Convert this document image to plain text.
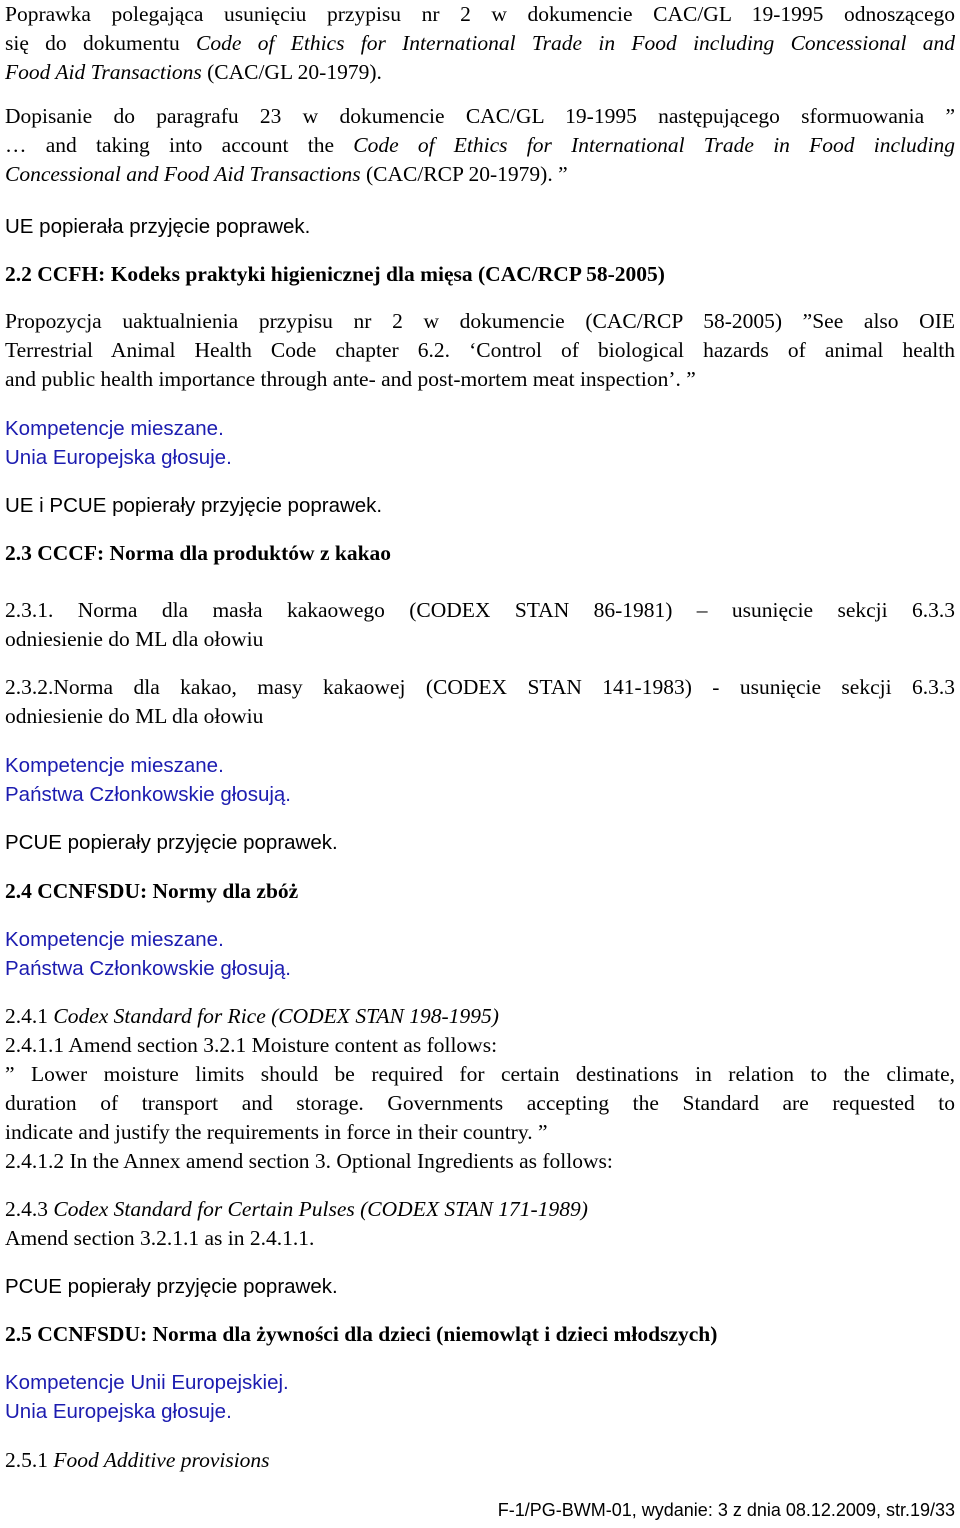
Poprawka polegająca usunięciu przypisu nr 2 w dokumencie CAC/GL 19-1995 odnoszącego
się do dokumentu Code of Ethics for International Trade in Food including Concessional and
Food Aid Transactions (CAC/GL 20-1979).

Dopisanie do paragrafu 23 w dokumencie CAC/GL 19-1995 następującego sformuowania ”
… and taking into account the Code of Ethics for International Trade in Food including
Concessional and Food Aid Transactions (CAC/RCP 20-1979). ”

UE popierała przyjęcie poprawek.

2.2 CCFH: Kodeks praktyki higienicznej dla mięsa (CAC/RCP 58-2005)

Propozycja uaktualnienia przypisu nr 2 w dokumencie (CAC/RCP 58-2005) ”See also OIE
Terrestrial Animal Health Code chapter 6.2. ‘Control of biological hazards of animal health
and public health importance through ante- and post-mortem meat inspection’. ”

Kompetencje mieszane.
Unia Europejska głosuje.

UE i PCUE popierały przyjęcie poprawek.

2.3 CCCF: Norma dla produktów z kakao

2.3.1. Norma dla masła kakaowego (CODEX STAN 86-1981) – usunięcie sekcji 6.3.3
odniesienie do ML dla ołowiu

2.3.2.Norma dla kakao, masy kakaowej (CODEX STAN 141-1983) - usunięcie sekcji 6.3.3
odniesienie do ML dla ołowiu

Kompetencje mieszane.
Państwa Członkowskie głosują.

PCUE popierały przyjęcie poprawek.

2.4 CCNFSDU: Normy dla zbóż

Kompetencje mieszane.
Państwa Członkowskie głosują.

2.4.1 Codex Standard for Rice (CODEX STAN 198-1995)
2.4.1.1 Amend section 3.2.1 Moisture content as follows:
” Lower moisture limits should be required for certain destinations in relation to the climate,
duration of transport and storage. Governments accepting the Standard are requested to
indicate and justify the requirements in force in their country. ”
2.4.1.2 In the Annex amend section 3. Optional Ingredients as follows:

2.4.3 Codex Standard for Certain Pulses (CODEX STAN 171-1989)
Amend section 3.2.1.1 as in 2.4.1.1.

PCUE popierały przyjęcie poprawek.

2.5 CCNFSDU: Norma dla żywności dla dzieci (niemowląt i dzieci młodszych)

Kompetencje Unii Europejskiej.
Unia Europejska głosuje.

2.5.1 Food Additive provisions

F-1/PG-BWM-01, wydanie: 3 z dnia 08.12.2009, str.19/33
